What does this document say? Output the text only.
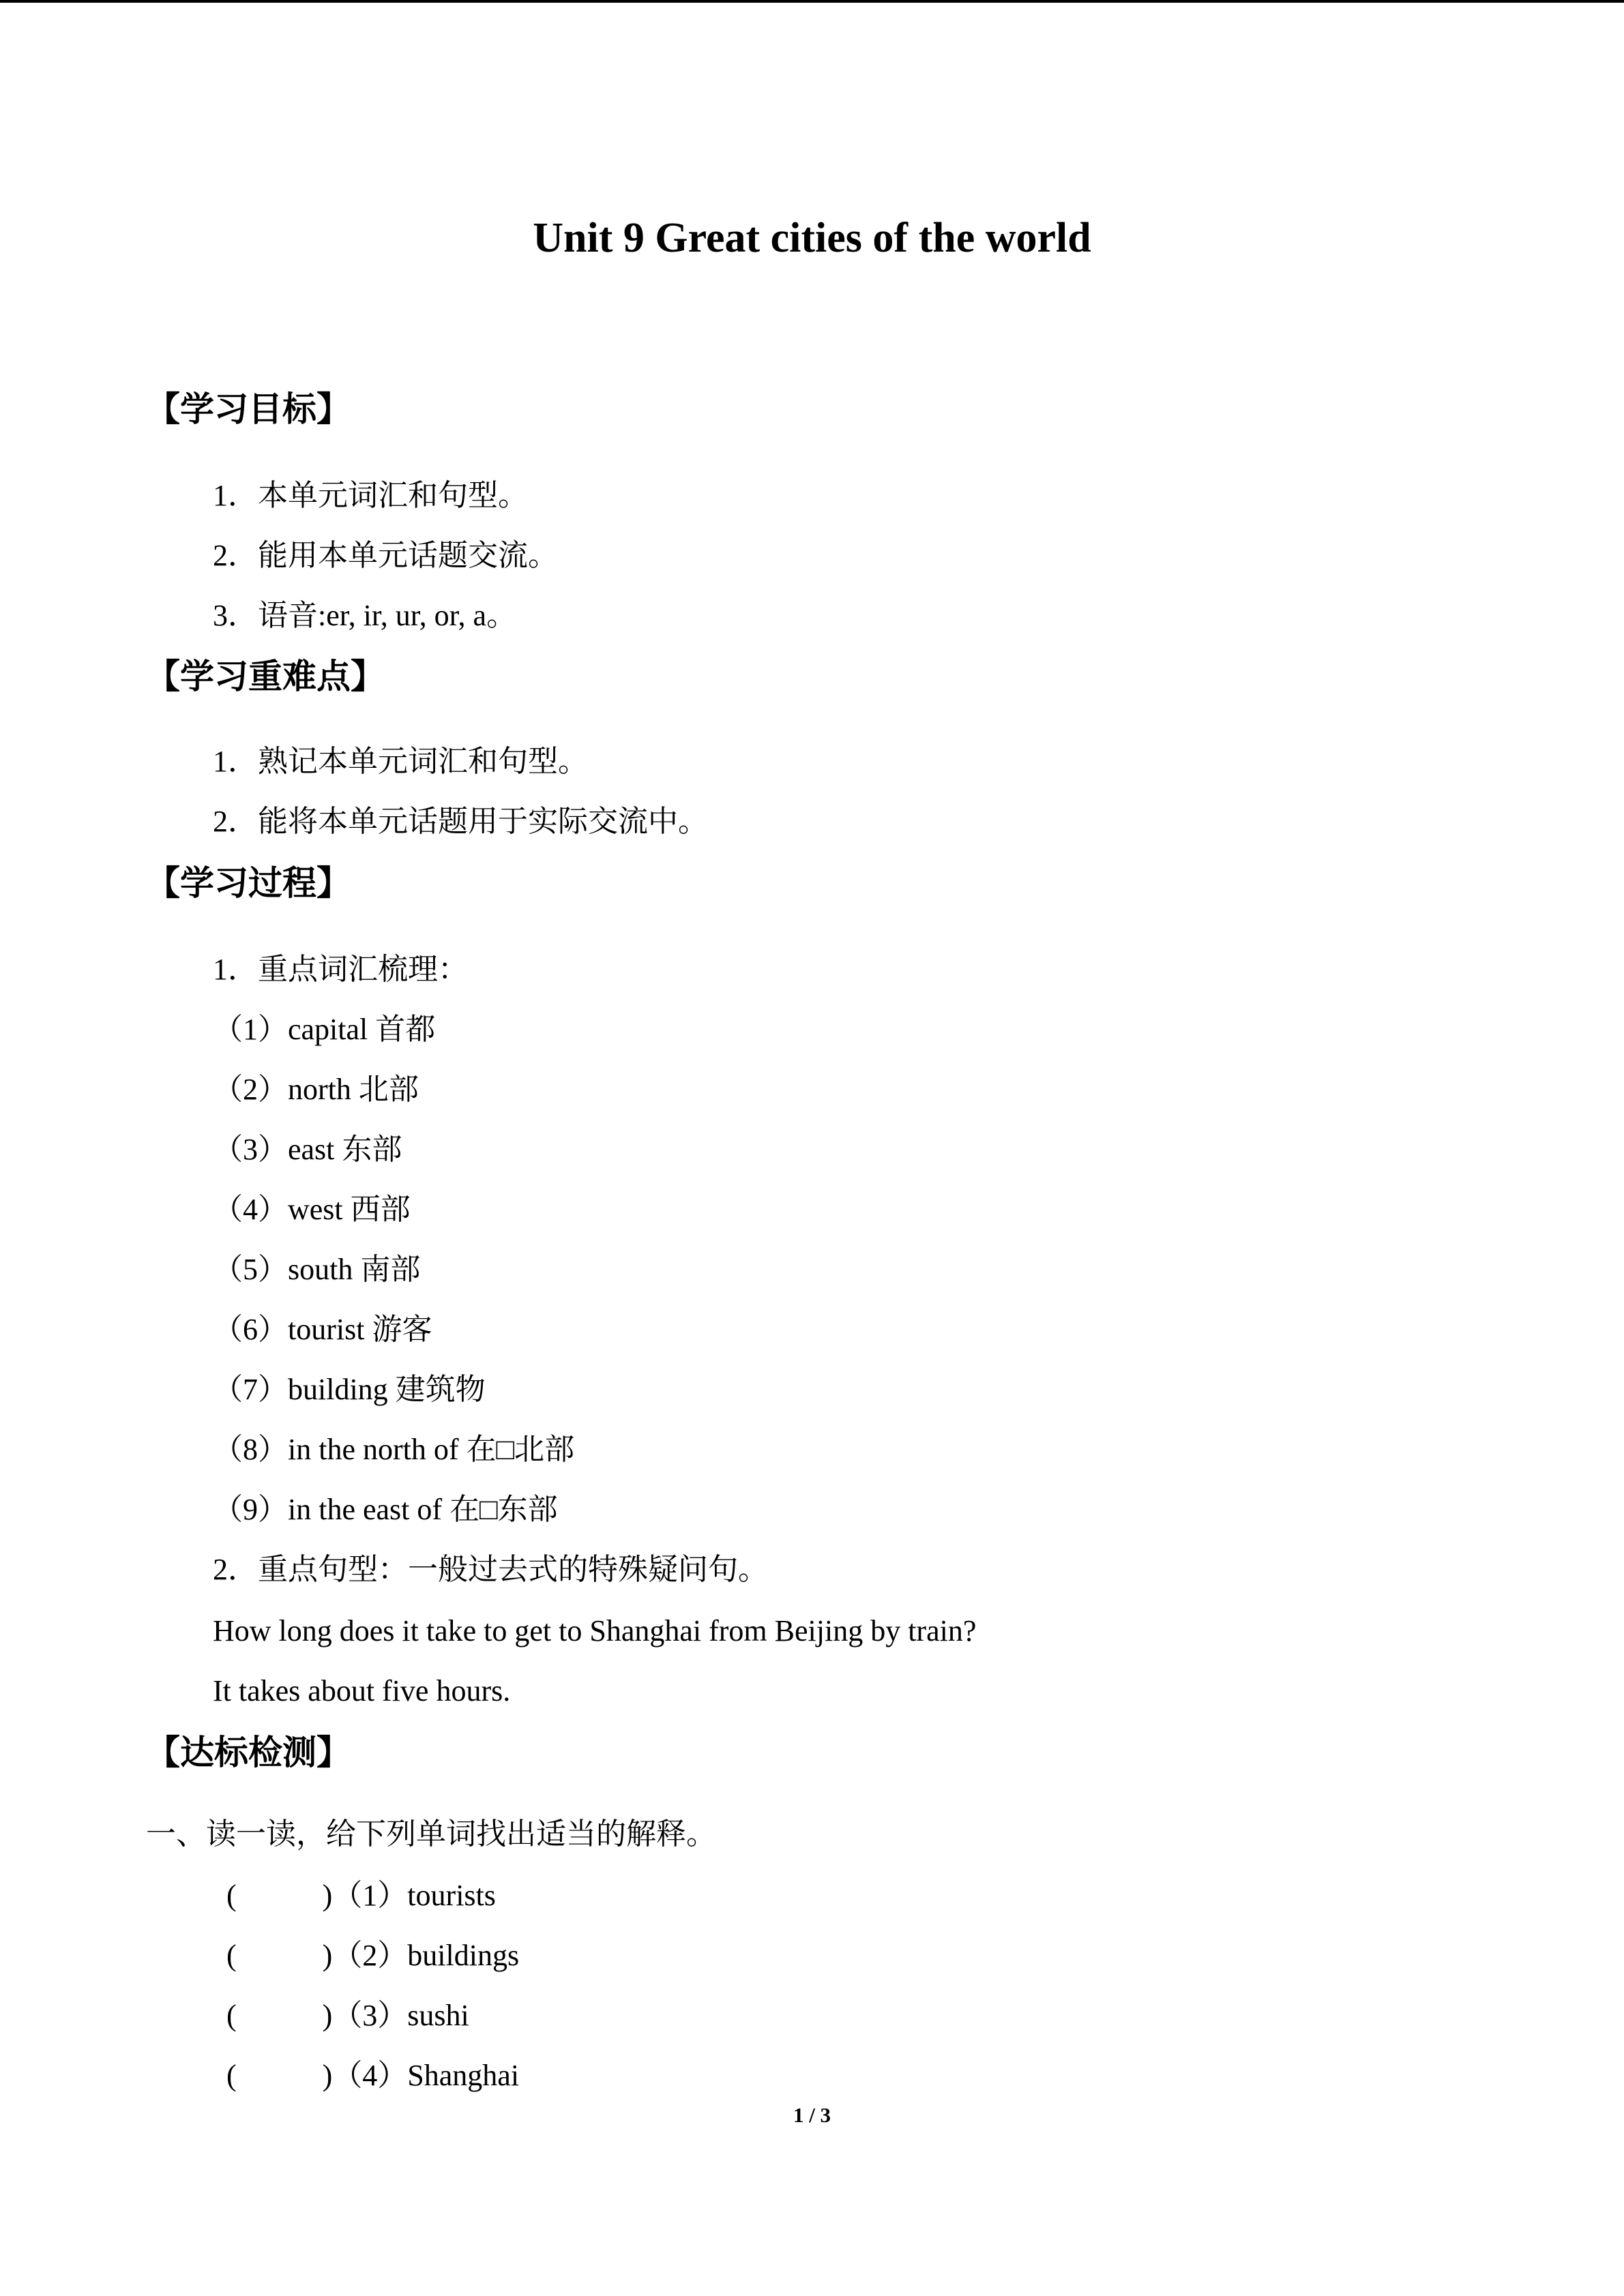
Unit 9 Great cities of the world
【学习目标】
1．本单元词汇和句型。
2．能用本单元话题交流。
3．语音:er, ir, ur, or, a。
【学习重难点】
1．熟记本单元词汇和句型。
2．能将本单元话题用于实际交流中。
【学习过程】
1．重点词汇梳理：
（1）capital 首都
（2）north 北部
（3）east 东部
（4）west 西部
（5）south 南部
（6）tourist 游客
（7）building 建筑物
（8）in the north of 在□北部
（9）in the east of 在□东部
2．重点句型：一般过去式的特殊疑问句。
How long does it take to get to Shanghai from Beijing by train?
It takes about five hours.
【达标检测】
一、读一读，给下列单词找出适当的解释。
(	)（1）tourists
(	)（2）buildings
(	)（3）sushi
(	)（4）Shanghai
1 / 3
